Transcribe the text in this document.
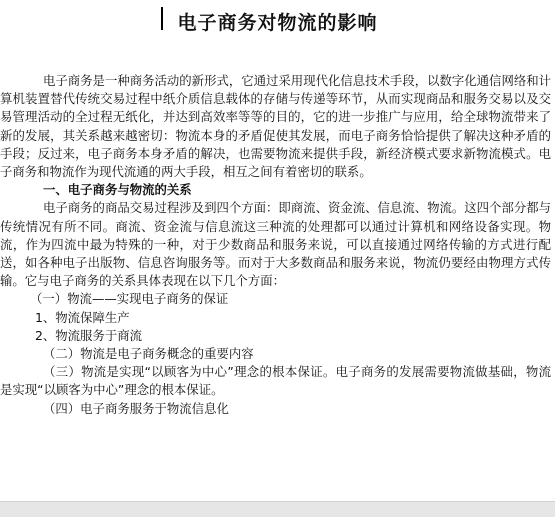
电子商务对物流的影响

电子商务是一种商务活动的新形式，它通过采用现代化信息技术手段，以数字化通信网络和计算机装置替代传统交易过程中纸介质信息载体的存储与传递等环节，从而实现商品和服务交易以及交易管理活动的全过程无纸化，并达到高效率等等的目的，它的进一步推广与应用，给全球物流带来了新的发展，其关系越来越密切：物流本身的矛盾促使其发展，而电子商务恰恰提供了解决这种矛盾的手段；反过来，电子商务本身矛盾的解决，也需要物流来提供手段，新经济模式要求新物流模式。电子商务和物流作为现代流通的两大手段，相互之间有着密切的联系。

一、电子商务与物流的关系

电子商务的商品交易过程涉及到四个方面：即商流、资金流、信息流、物流。这四个部分都与传统情况有所不同。商流、资金流与信息流这三种流的处理都可以通过计算机和网络设备实现。物流，作为四流中最为特殊的一种，对于少数商品和服务来说，可以直接通过网络传输的方式进行配送，如各种电子出版物、信息咨询服务等。而对于大多数商品和服务来说，物流仍要经由物理方式传输。它与电子商务的关系具体表现在以下几个方面：

（一）物流——实现电子商务的保证

1、物流保障生产

2、物流服务于商流

（二）物流是电子商务概念的重要内容

（三）物流是实现“以顾客为中心”理念的根本保证。电子商务的发展需要物流做基础，物流是实现“以顾客为中心”理念的根本保证。

（四）电子商务服务于物流信息化
